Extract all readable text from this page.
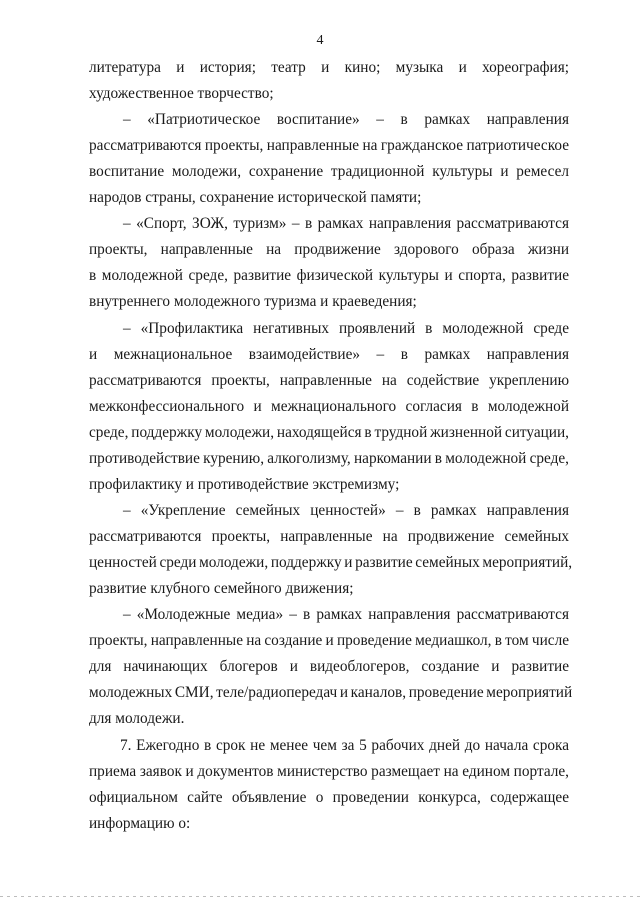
4
литература и история; театр и кино; музыка и хореография;
художественное творчество;
– «Патриотическое воспитание» – в рамках направления
рассматриваются проекты, направленные на гражданское патриотическое
воспитание молодежи, сохранение традиционной культуры и ремесел
народов страны, сохранение исторической памяти;
– «Спорт, ЗОЖ, туризм» – в рамках направления рассматриваются
проекты, направленные на продвижение здорового образа жизни
в молодежной среде, развитие физической культуры и спорта, развитие
внутреннего молодежного туризма и краеведения;
– «Профилактика негативных проявлений в молодежной среде
и межнациональное взаимодействие» – в рамках направления
рассматриваются проекты, направленные на содействие укреплению
межконфессионального и межнационального согласия в молодежной
среде, поддержку молодежи, находящейся в трудной жизненной ситуации,
противодействие курению, алкоголизму, наркомании в молодежной среде,
профилактику и противодействие экстремизму;
– «Укрепление семейных ценностей» – в рамках направления
рассматриваются проекты, направленные на продвижение семейных
ценностей среди молодежи, поддержку и развитие семейных мероприятий,
развитие клубного семейного движения;
– «Молодежные медиа» – в рамках направления рассматриваются
проекты, направленные на создание и проведение медиашкол, в том числе
для начинающих блогеров и видеоблогеров, создание и развитие
молодежных СМИ, теле/радиопередач и каналов, проведение мероприятий
для молодежи.
7. Ежегодно в срок не менее чем за 5 рабочих дней до начала срока
приема заявок и документов министерство размещает на едином портале,
официальном сайте объявление о проведении конкурса, содержащее
информацию о:
